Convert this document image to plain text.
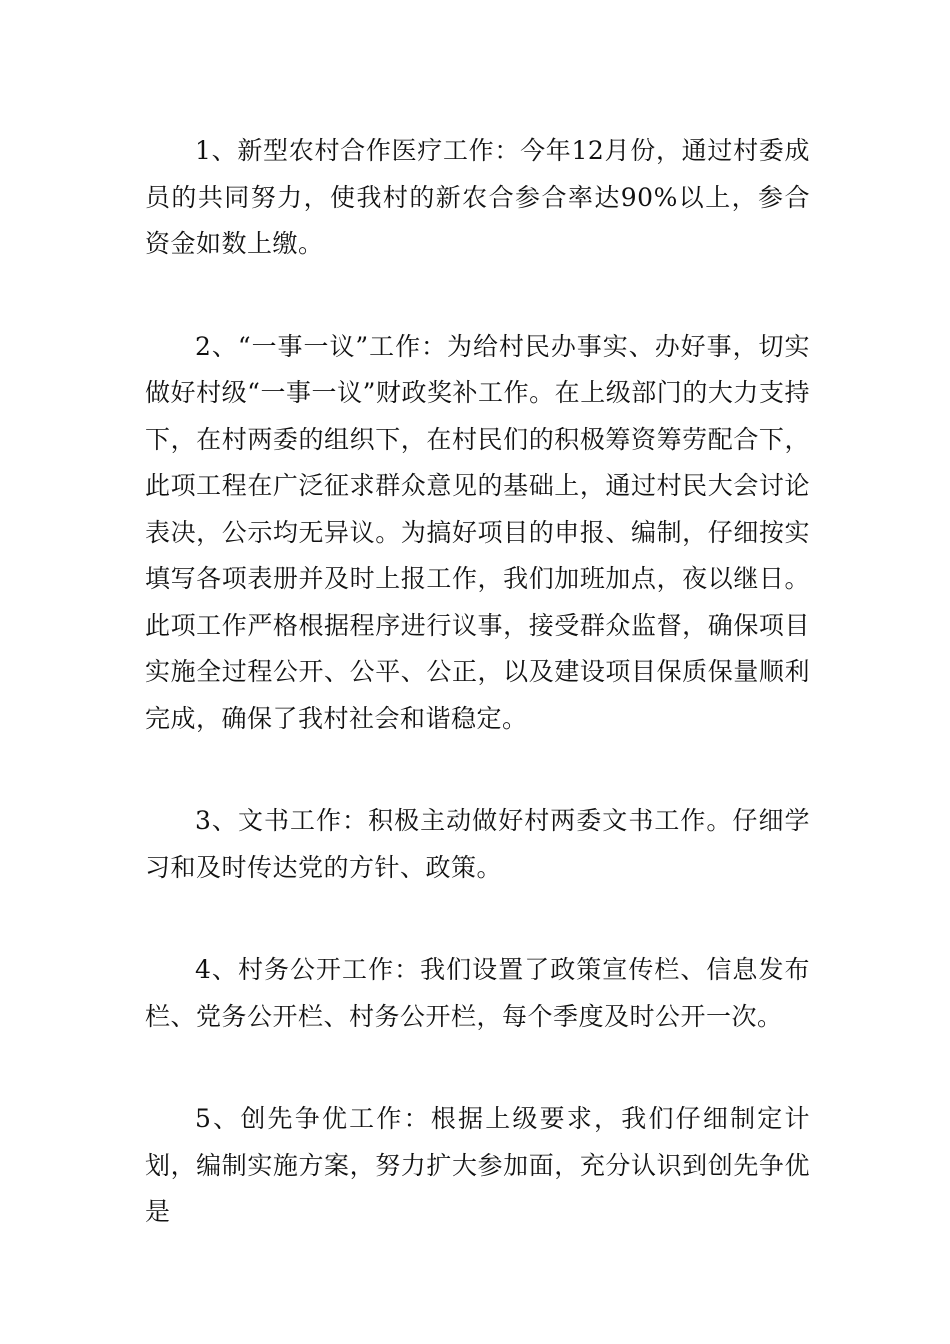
1、新型农村合作医疗工作：今年12月份，通过村委成员的共同努力，使我村的新农合参合率达90%以上，参合资金如数上缴。

2、“一事一议”工作：为给村民办事实、办好事，切实做好村级“一事一议”财政奖补工作。在上级部门的大力支持下，在村两委的组织下，在村民们的积极筹资筹劳配合下，此项工程在广泛征求群众意见的基础上，通过村民大会讨论表决，公示均无异议。为搞好项目的申报、编制，仔细按实填写各项表册并及时上报工作，我们加班加点，夜以继日。此项工作严格根据程序进行议事，接受群众监督，确保项目实施全过程公开、公平、公正，以及建设项目保质保量顺利完成，确保了我村社会和谐稳定。

3、文书工作：积极主动做好村两委文书工作。仔细学习和及时传达党的方针、政策。

4、村务公开工作：我们设置了政策宣传栏、信息发布栏、党务公开栏、村务公开栏，每个季度及时公开一次。

5、创先争优工作：根据上级要求，我们仔细制定计划，编制实施方案，努力扩大参加面，充分认识到创先争优是
